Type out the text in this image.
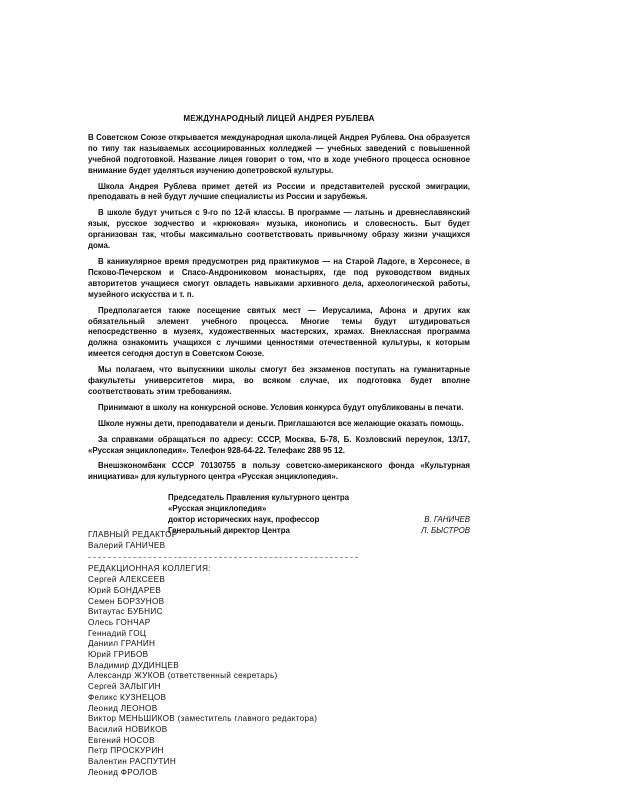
МЕЖДУНАРОДНЫЙ ЛИЦЕЙ АНДРЕЯ РУБЛЕВА

В Советском Союзе открывается международная школа-лицей Андрея Рублева. Она образуется по типу так называемых ассоциированных колледжей — учебных заведений с повышенной учебной подготовкой. Название лицея говорит о том, что в ходе учебного процесса основное внимание будет уделяться изучению допетровской культуры.

Школа Андрея Рублева примет детей из России и представителей русской эмиграции, преподавать в ней будут лучшие специалисты из России и зарубежья.

В школе будут учиться с 9-го по 12-й классы. В программе — латынь и древнеславянский язык, русское зодчество и «крюковая» музыка, иконопись и словесность. Быт будет организован так, чтобы максимально соответствовать привычному образу жизни учащихся дома.

В каникулярное время предусмотрен ряд практикумов — на Старой Ладоге, в Херсонесе, в Псково-Печерском и Спасо-Андрониковом монастырях, где под руководством видных авторитетов учащиеся смогут овладеть навыками архивного дела, археологической работы, музейного искусства и т. п.

Предполагается также посещение святых мест — Иерусалима, Афона и других как обязательный элемент учебного процесса. Многие темы будут штудироваться непосредственно в музеях, художественных мастерских, храмах. Внеклассная программа должна ознакомить учащихся с лучшими ценностями отечественной культуры, к которым имеется сегодня доступ в Советском Союзе.

Мы полагаем, что выпускники школы смогут без экзаменов поступать на гуманитарные факультеты университетов мира, во всяком случае, их подготовка будет вполне соответствовать этим требованиям.

Принимают в школу на конкурсной основе. Условия конкурса будут опубликованы в печати.

Школе нужны дети, преподаватели и деньги. Приглашаются все желающие оказать помощь.

За справками обращаться по адресу: СССР, Москва, Б-78, Б. Козловский переулок, 13/17, «Русская энциклопедия». Телефон 928-64-22. Телефакс 288 95 12.

Внешэкономбанк СССР 70130755 в пользу советско-американского фонда «Культурная инициатива» для культурного центра «Русская энциклопедия».

Председатель Правления культурного центра
«Русская энциклопедия»
доктор исторических наук, профессор	В. ГАНИЧЕВ
Генеральный директор Центра	Л. БЫСТРОВ
ГЛАВНЫЙ РЕДАКТОР
Валерий ГАНИЧЕВ
РЕДАКЦИОННАЯ КОЛЛЕГИЯ:
Сергей АЛЕКСЕЕВ
Юрий БОНДАРЕВ
Семен БОРЗУНОВ
Витаутас БУБНИС
Олесь ГОНЧАР
Геннадий ГОЦ
Даниил ГРАНИН
Юрий ГРИБОВ
Владимир ДУДИНЦЕВ
Александр ЖУКОВ (ответственный секретарь)
Сергей ЗАЛЫГИН
Феликс КУЗНЕЦОВ
Леонид ЛЕОНОВ
Виктор МЕНЬШИКОВ (заместитель главного редактора)
Василий НОВИКОВ
Евгений НОСОВ
Петр ПРОСКУРИН
Валентин РАСПУТИН
Леонид ФРОЛОВ
